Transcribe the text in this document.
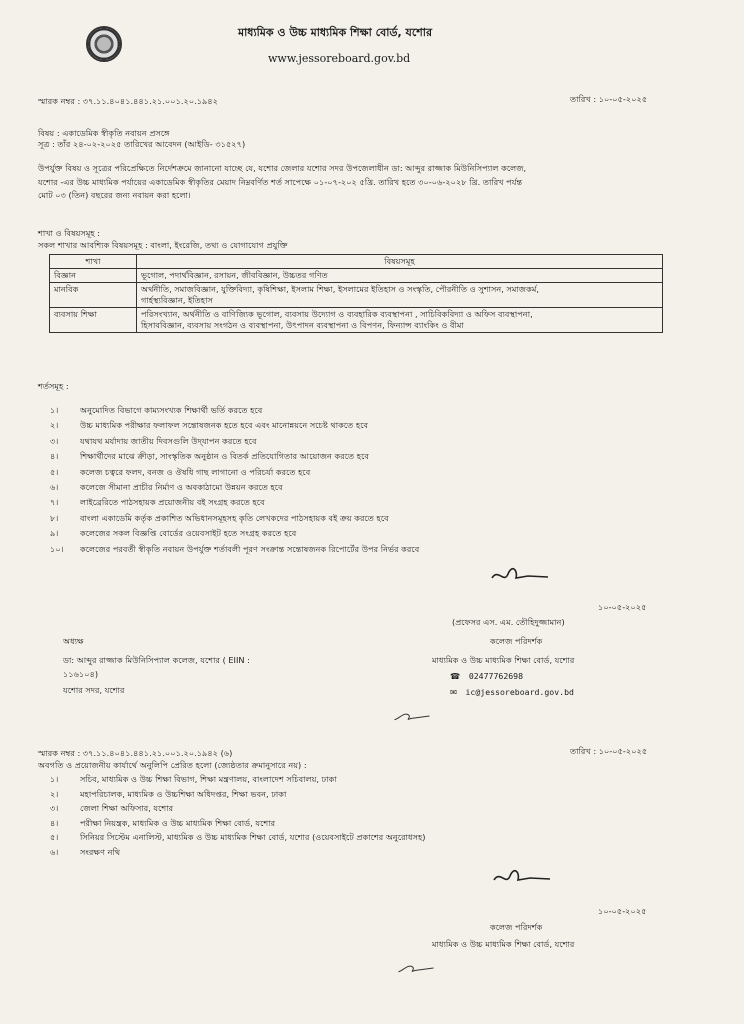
মাধ্যমিক ও উচ্চ মাধ্যমিক শিক্ষা বোর্ড, যশোর
www.jessoreboard.gov.bd
স্মারক নম্বর : ৩৭.১১.৪০৪১.৪৪১.২১.০০১.২০.১৯৪২	তারিখ : ১০-০৫-২০২৫
বিষয় : একাডেমিক স্বীকৃতি নবায়ন প্রসঙ্গে
সূত্র : তাঁর ২৪-০২-২০২৫ তারিখের আবেদন (আইডি- ৩১৫২৭)
উপর্যুক্ত বিষয় ও সূত্রের পরিপ্রেক্ষিতে নির্দেশক্রমে জানানো যাচ্ছে যে, যশোর জেলার যশোর সদর উপজেলাধীন ডা: আব্দুর রাজ্জাক মিউনিসিপ্যাল কলেজ,
যশোর -এর উচ্চ মাধ্যমিক পর্যায়ের একাডেমিক স্বীকৃতির মেয়াদ নিম্নবর্ণিত শর্ত সাপেক্ষে ০১-০৭-২০২ ৫খ্রি. তারিখ হতে ৩০-০৬-২০২৮ খ্রি. তারিখ পর্যন্ত
মোট ০৩ (তিন) বছরের জন্য নবায়ন করা হলো।
শাখা ও বিষয়সমূহ :
সকল শাখার আবশ্যিক বিষয়সমূহ : বাংলা, ইংরেজি, তথ্য ও যোগাযোগ প্রযুক্তি
শাখা	বিষয়সমূহ
বিজ্ঞান	ভূগোল, পদার্থবিজ্ঞান, রসায়ন, জীববিজ্ঞান, উচ্চতর গণিত

মানবিক	অর্থনীতি, সমাজবিজ্ঞান, যুক্তিবিদ্যা, কৃষিশিক্ষা, ইসলাম শিক্ষা, ইসলামের ইতিহাস ও সংস্কৃতি, পৌরনীতি ও সুশাসন, সমাজকর্ম,
গার্হস্থ্যবিজ্ঞান, ইতিহাস

ব্যবসায় শিক্ষা	পরিসংখ্যান, অর্থনীতি ও বাণিজ্যিক ভূগোল, ব্যবসায় উদ্যোগ ও ব্যবহারিক ব্যবস্থাপনা , সাচিবিকবিদ্যা ও অফিস ব্যবস্থাপনা,
হিসাববিজ্ঞান, ব্যবসায় সংগঠন ও ব্যবস্থাপনা, উৎপাদন ব্যবস্থাপনা ও বিপণন, ফিন্যান্স ব্যাংকিং ও বীমা
শর্তসমূহ :
১।	অনুমোদিত বিভাগে কাম্যসংখ্যক শিক্ষার্থী ভর্তি করতে হবে
২।	উচ্চ মাধ্যমিক পরীক্ষার ফলাফল সন্তোষজনক হতে হবে এবং মানোন্নয়নে সচেষ্ট থাকতে হবে
৩।	যথাযথ মর্যাদায় জাতীয় দিবসগুলি উদ্‌যাপন করতে হবে
৪।	শিক্ষার্থীদের মাঝে ক্রীড়া, সাংস্কৃতিক অনুষ্ঠান ও বিতর্ক প্রতিযোগিতার আয়োজন করতে হবে
৫।	কলেজ চত্বরে ফলদ, বনজ ও ঔষধি গাছ লাগানো ও পরিচর্যা করতে হবে
৬।	কলেজে সীমানা প্রাচীর নির্মাণ ও অবকাঠামো উন্নয়ন করতে হবে
৭।	লাইব্রেরিতে পাঠসহায়ক প্রয়োজনীয় বই সংগ্রহ করতে হবে
৮।	বাংলা একাডেমি কর্তৃক প্রকাশিত অভিধানসমূহসহ কৃতি লেখকদের পাঠসহায়ক বই ক্রয় করতে হবে
৯।	কলেজের সকল বিজ্ঞপ্তি বোর্ডের ওয়েবসাইট হতে সংগ্রহ করতে হবে
১০। কলেজের পরবর্তী স্বীকৃতি নবায়ন উপর্যুক্ত শর্তাবলী পূরণ সংক্রান্ত সন্তোষজনক রিপোর্টের উপর নির্ভর করবে
১০-০৫-২০২৫
(প্রফেসর এস. এম. তৌহিদুজ্জামান)
কলেজ পরিদর্শক
মাধ্যমিক ও উচ্চ মাধ্যমিক শিক্ষা বোর্ড, যশোর
☎ 02477762698
✉ ic@jessoreboard.gov.bd
অধ্যক্ষ
ডা: আব্দুর রাজ্জাক মিউনিসিপ্যাল কলেজ, যশোর ( EIIN :
১১৬১০৪)
যশোর সদর, যশোর
স্মারক নম্বর : ৩৭.১১.৪০৪১.৪৪১.২১.০০১.২০.১৯৪২ (৬)	তারিখ : ১০-০৫-২০২৫
অবগতি ও প্রয়োজনীয় কার্যার্থে অনুলিপি প্রেরিত হলো (জ্যেষ্ঠতার ক্রমানুসারে নয়) :
১।	সচিব, মাধ্যমিক ও উচ্চ শিক্ষা বিভাগ, শিক্ষা মন্ত্রণালয়, বাংলাদেশ সচিবালয়, ঢাকা
২।	মহাপরিচালক, মাধ্যমিক ও উচ্চশিক্ষা অধিদপ্তর, শিক্ষা ভবন, ঢাকা
৩।	জেলা শিক্ষা অফিসার, যশোর
৪।	পরীক্ষা নিয়ন্ত্রক, মাধ্যমিক ও উচ্চ মাধ্যমিক শিক্ষা বোর্ড, যশোর
৫।	সিনিয়র সিস্টেম এনালিস্ট, মাধ্যমিক ও উচ্চ মাধ্যমিক শিক্ষা বোর্ড, যশোর (ওয়েবসাইটে প্রকাশের অনুরোধসহ)
৬।	সংরক্ষণ নথি
১০-০৫-২০২৫
কলেজ পরিদর্শক
মাধ্যমিক ও উচ্চ মাধ্যমিক শিক্ষা বোর্ড, যশোর
